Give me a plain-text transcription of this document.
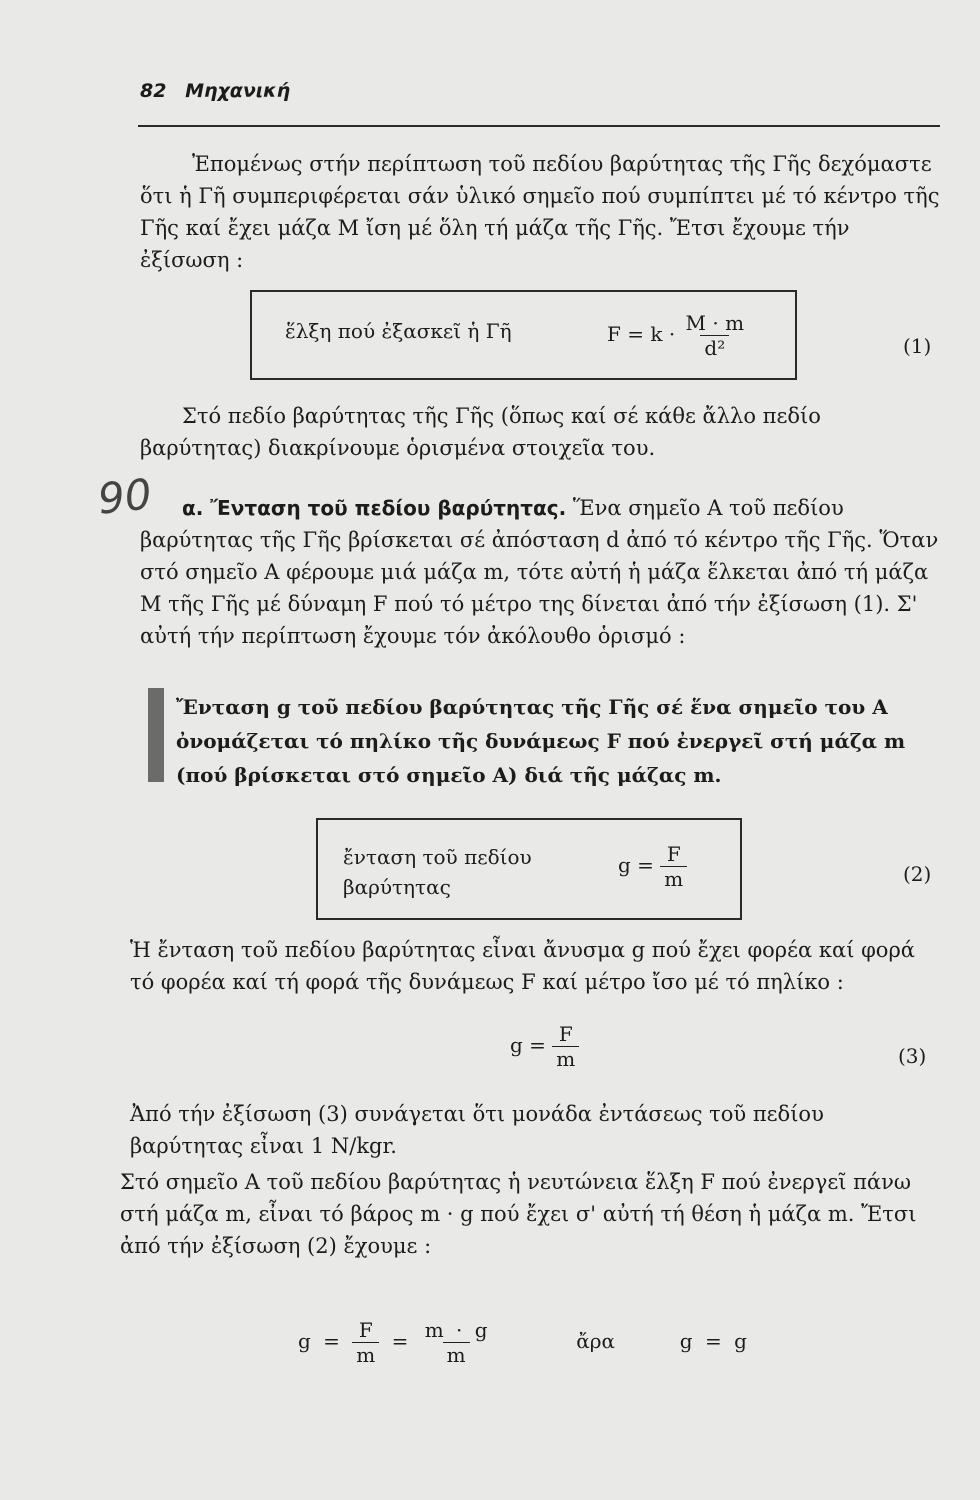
82 Μηχανική
Ἐπομένως στήν περίπτωση τοῦ πεδίου βαρύτητας τῆς Γῆς δεχόμαστε ὅτι ἡ Γῆ συμπεριφέρεται σάν ὑλικό σημεῖο πού συμπίπτει μέ τό κέντρο τῆς Γῆς καί ἔχει μάζα Μ ἴση μέ ὅλη τή μάζα τῆς Γῆς. Ἔτσι ἔχουμε τήν ἐξίσωση :
ἕλξη πού ἐξασκεῖ ἡ Γῆ	$F = k \cdot \frac{M \cdot m}{\text{d²}}$	(1)
Στό πεδίο βαρύτητας τῆς Γῆς (ὅπως καί σέ κάθε ἄλλο πεδίο βαρύτητας) διακρίνουμε ὁρισμένα στοιχεῖα του.
90	α. Ἔνταση τοῦ πεδίου βαρύτητας. Ἕνα σημεῖο Α τοῦ πεδίου βαρύτητας τῆς Γῆς βρίσκεται σέ ἀπόσταση d ἀπό τό κέντρο τῆς Γῆς. Ὅταν στό σημεῖο Α φέρουμε μιά μάζα m, τότε αὐτή ἡ μάζα ἕλκεται ἀπό τή μάζα Μ τῆς Γῆς μέ δύναμη F πού τό μέτρο της δίνεται ἀπό τήν ἐξίσωση (1). Σ' αὐτή τήν περίπτωση ἔχουμε τόν ἀκόλουθο ὁρισμό :
Ἔνταση g τοῦ πεδίου βαρύτητας τῆς Γῆς σέ ἕνα σημεῖο του Α ὀνομάζεται τό πηλίκο τῆς δυνάμεως F πού ἐνεργεῖ στή μάζα m (πού βρίσκεται στό σημεῖο Α) διά τῆς μάζας m.
ἔνταση τοῦ πεδίου
βαρύτητας
$g = \frac{F}{m}$	(2)
Ἡ ἔνταση τοῦ πεδίου βαρύτητας εἶναι ἄνυσμα g πού ἔχει φορέα καί φορά τό φορέα καί τή φορά τῆς δυνάμεως F καί μέτρο ἴσο μέ τό πηλίκο :
$g = \frac{F}{m}$	(3)
Ἀπό τήν ἐξίσωση (3) συνάγεται ὅτι μονάδα ἐντάσεως τοῦ πεδίου βαρύτητας εἶναι 1 N/kgr.
Στό σημεῖο Α τοῦ πεδίου βαρύτητας ἡ νευτώνεια ἕλξη F πού ἐνεργεῖ πάνω στή μάζα m, εἶναι τό βάρος m · g πού ἔχει σ' αὐτή τή θέση ἡ μάζα m. Ἔτσι ἀπό τήν ἐξίσωση (2) ἔχουμε :
$g = \frac{F}{m} = \frac{m \cdot g}{m}$	ἄρα	g = g
